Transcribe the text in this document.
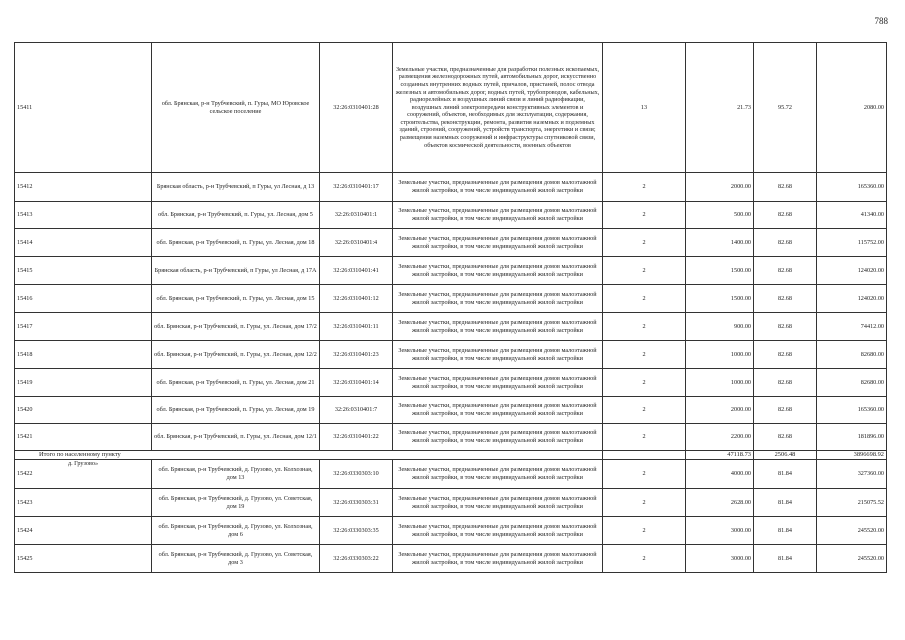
788
15411	обл. Брянская, р-н Трубчевский, п. Гуры, МО Юровское сельское поселение	32:26:0310401:28	Земельные участки, предназначенные для разработки полезных ископаемых, размещения железнодорожных путей, автомобильных дорог, искусственно созданных внутренних водных путей, причалов, пристаней, полос отвода железных и автомобильных дорог, водных путей, трубопроводов, кабельных, радиорелейных и воздушных линий связи и линий радиофикации, воздушных линий электропередачи конструктивных элементов и сооружений, объектов, необходимых для эксплуатации, содержания, строительства, реконструкции, ремонта, развития наземных и подземных зданий, строений, сооружений, устройств транспорта, энергетики и связи; размещения наземных сооружений и инфраструктуры спутниковой связи, объектов космической деятельности, военных объектов	13	21.73	95.72	2080.00
15412	Брянская область, р-н Трубчевский, п Гуры, ул Лесная, д 13	32:26:0310401:17	Земельные участки, предназначенные для размещения домов малоэтажной жилой застройки, в том числе индивидуальной жилой застройки	2	2000.00	82.68	165360.00
15413	обл. Брянская, р-н Трубчевский, п. Гуры, ул. Лесная, дом 5	32:26:0310401:1	Земельные участки, предназначенные для размещения домов малоэтажной жилой застройки, в том числе индивидуальной жилой застройки	2	500.00	82.68	41340.00
15414	обл. Брянская, р-н Трубчевский, п. Гуры, ул. Лесная, дом 18	32:26:0310401:4	Земельные участки, предназначенные для размещения домов малоэтажной жилой застройки, в том числе индивидуальной жилой застройки	2	1400.00	82.68	115752.00
15415	Брянская область, р-н Трубчевский, п Гуры, ул Лесная, д 17А	32:26:0310401:41	Земельные участки, предназначенные для размещения домов малоэтажной жилой застройки, в том числе индивидуальной жилой застройки	2	1500.00	82.68	124020.00
15416	обл. Брянская, р-н Трубчевский, п. Гуры, ул. Лесная, дом 15	32:26:0310401:12	Земельные участки, предназначенные для размещения домов малоэтажной жилой застройки, в том числе индивидуальной жилой застройки	2	1500.00	82.68	124020.00
15417	обл. Брянская, р-н Трубчевский, п. Гуры, ул. Лесная, дом 17/2	32:26:0310401:11	Земельные участки, предназначенные для размещения домов малоэтажной жилой застройки, в том числе индивидуальной жилой застройки	2	900.00	82.68	74412.00
15418	обл. Брянская, р-н Трубчевский, п. Гуры, ул. Лесная, дом 12/2	32:26:0310401:23	Земельные участки, предназначенные для размещения домов малоэтажной жилой застройки, в том числе индивидуальной жилой застройки	2	1000.00	82.68	82680.00
15419	обл. Брянская, р-н Трубчевский, п. Гуры, ул. Лесная, дом 21	32:26:0310401:14	Земельные участки, предназначенные для размещения домов малоэтажной жилой застройки, в том числе индивидуальной жилой застройки	2	1000.00	82.68	82680.00
15420	обл. Брянская, р-н Трубчевский, п. Гуры, ул. Лесная, дом 19	32:26:0310401:7	Земельные участки, предназначенные для размещения домов малоэтажной жилой застройки, в том числе индивидуальной жилой застройки	2	2000.00	82.68	165360.00
15421	обл. Брянская, р-н Трубчевский, п. Гуры, ул. Лесная, дом 12/1	32:26:0310401:22	Земельные участки, предназначенные для размещения домов малоэтажной жилой застройки, в том числе индивидуальной жилой застройки	2	2200.00	82.68	181896.00
Итого по населенному пункту					47118.73	2506.48	3896698.92

д. Грузово»
15422	обл. Брянская, р-н Трубчевский, д. Грузово, ул. Колхозная, дом 13	32:26:0330303:10	Земельные участки, предназначенные для размещения домов малоэтажной жилой застройки, в том числе индивидуальной жилой застройки	2	4000.00	81.84	327360.00
15423	обл. Брянская, р-н Трубчевский, д. Грузово, ул. Советская, дом 19	32:26:0330303:31	Земельные участки, предназначенные для размещения домов малоэтажной жилой застройки, в том числе индивидуальной жилой застройки	2	2628.00	81.84	215075.52
15424	обл. Брянская, р-н Трубчевский, д. Грузово, ул. Колхозная, дом 6	32:26:0330303:35	Земельные участки, предназначенные для размещения домов малоэтажной жилой застройки, в том числе индивидуальной жилой застройки	2	3000.00	81.84	245520.00
15425	обл. Брянская, р-н Трубчевский, д. Грузово, ул. Советская, дом 3	32:26:0330303:22	Земельные участки, предназначенные для размещения домов малоэтажной жилой застройки, в том числе индивидуальной жилой застройки	2	3000.00	81.84	245520.00
